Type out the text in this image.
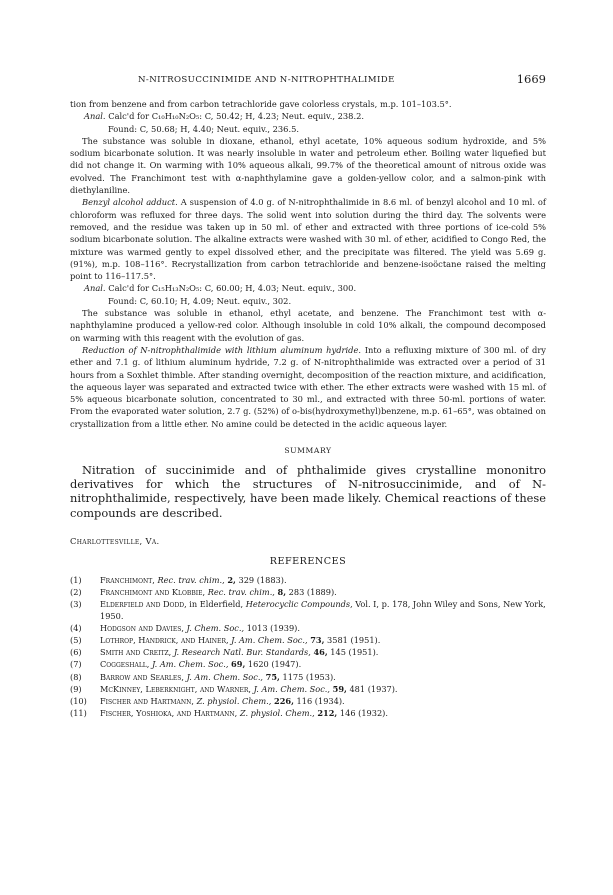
N-NITROSUCCINIMIDE AND N-NITROPHTHALIMIDE	1669

tion from benzene and from carbon tetrachloride gave colorless crystals, m.p. 101–103.5°.

Anal. Calc'd for C₁₀H₁₀N₂O₅: C, 50.42; H, 4.23; Neut. equiv., 238.2.

Found: C, 50.68; H, 4.40; Neut. equiv., 236.5.

The substance was soluble in dioxane, ethanol, ethyl acetate, 10% aqueous sodium hydroxide, and 5% sodium bicarbonate solution. It was nearly insoluble in water and petroleum ether. Boiling water liquefied but did not change it. On warming with 10% aqueous alkali, 99.7% of the theoretical amount of nitrous oxide was evolved. The Franchimont test with α-naphthylamine gave a golden-yellow color, and a salmon-pink with diethylaniline.

Benzyl alcohol adduct. A suspension of 4.0 g. of N-nitrophthalimide in 8.6 ml. of benzyl alcohol and 10 ml. of chloroform was refluxed for three days. The solid went into solution during the third day. The solvents were removed, and the residue was taken up in 50 ml. of ether and extracted with three portions of ice-cold 5% sodium bicarbonate solution. The alkaline extracts were washed with 30 ml. of ether, acidified to Congo Red, the mixture was warmed gently to expel dissolved ether, and the precipitate was filtered. The yield was 5.69 g. (91%), m.p. 108–116°. Recrystallization from carbon tetrachloride and benzene-isoöctane raised the melting point to 116–117.5°.

Anal. Calc'd for C₁₅H₁₃N₂O₅: C, 60.00; H, 4.03; Neut. equiv., 300.

Found: C, 60.10; H, 4.09; Neut. equiv., 302.

The substance was soluble in ethanol, ethyl acetate, and benzene. The Franchimont test with α-naphthylamine produced a yellow-red color. Although insoluble in cold 10% alkali, the compound decomposed on warming with this reagent with the evolution of gas.

Reduction of N-nitrophthalimide with lithium aluminum hydride. Into a refluxing mixture of 300 ml. of dry ether and 7.1 g. of lithium aluminum hydride, 7.2 g. of N-nitrophthalimide was extracted over a period of 31 hours from a Soxhlet thimble. After standing overnight, decomposition of the reaction mixture, and acidification, the aqueous layer was separated and extracted twice with ether. The ether extracts were washed with 15 ml. of 5% aqueous bicarbonate solution, concentrated to 30 ml., and extracted with three 50-ml. portions of water. From the evaporated water solution, 2.7 g. (52%) of o-bis(hydroxymethyl)benzene, m.p. 61–65°, was obtained on crystallization from a little ether. No amine could be detected in the acidic aqueous layer.

SUMMARY

Nitration of succinimide and of phthalimide gives crystalline mononitro derivatives for which the structures of N-nitrosuccinimide, and of N-nitrophthalimide, respectively, have been made likely. Chemical reactions of these compounds are described.

Charlottesville, Va.
REFERENCES
(1) Franchimont, Rec. trav. chim., 2, 329 (1883).
(2) Franchimont and Klobbie, Rec. trav. chim., 8, 283 (1889).
(3) Elderfield and Dodd, in Elderfield, Heterocyclic Compounds, Vol. I, p. 178, John Wiley and Sons, New York, 1950.
(4) Hodgson and Davies, J. Chem. Soc., 1013 (1939).
(5) Lothrop, Handrick, and Hainer, J. Am. Chem. Soc., 73, 3581 (1951).
(6) Smith and Creitz, J. Research Natl. Bur. Standards, 46, 145 (1951).
(7) Coggeshall, J. Am. Chem. Soc., 69, 1620 (1947).
(8) Barrow and Searles, J. Am. Chem. Soc., 75, 1175 (1953).
(9) McKinney, Leberknight, and Warner, J. Am. Chem. Soc., 59, 481 (1937).
(10) Fischer and Hartmann, Z. physiol. Chem., 226, 116 (1934).
(11) Fischer, Yoshioka, and Hartmann, Z. physiol. Chem., 212, 146 (1932).
